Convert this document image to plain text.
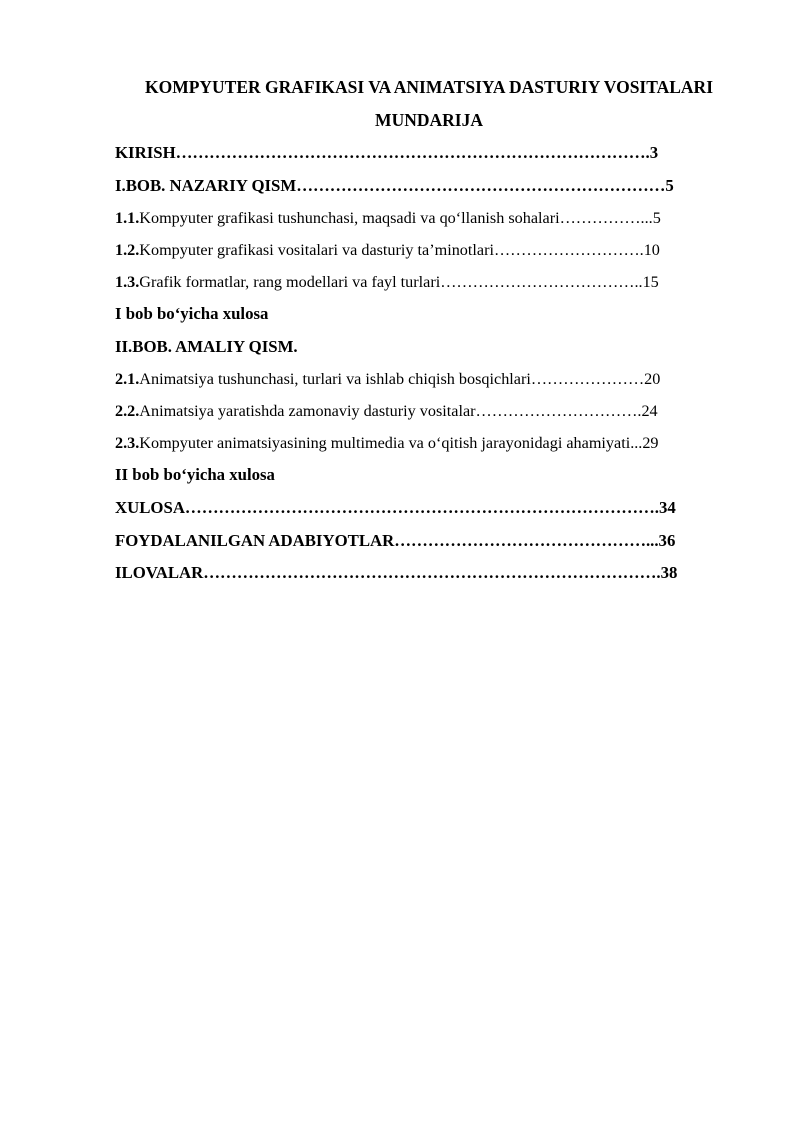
KOMPYUTER GRAFIKASI VA ANIMATSIYA DASTURIY VOSITALARI
MUNDARIJA
KIRISH………………………………………………………………………….3
I.BOB. NAZARIY QISM…………………………………………………………5
1.1.Kompyuter grafikasi tushunchasi, maqsadi va qo‘llanish sohalari……………...5
1.2.Kompyuter grafikasi vositalari va dasturiy ta’minotlari……………………….10
1.3.Grafik formatlar, rang modellari va fayl turlari………………………………..15
I bob bo‘yicha xulosa
II.BOB. AMALIY QISM.
2.1.Animatsiya tushunchasi, turlari va ishlab chiqish bosqichlari…………………20
2.2.Animatsiya yaratishda zamonaviy dasturiy vositalar………………………….24
2.3.Kompyuter animatsiyasining multimedia va o‘qitish jarayonidagi ahamiyati...29
II bob bo‘yicha xulosa
XULOSA………………………………………………………………………….34
FOYDALANILGAN ADABIYOTLAR………………………………………...36
ILOVALAR……………………………………………………………………….38
